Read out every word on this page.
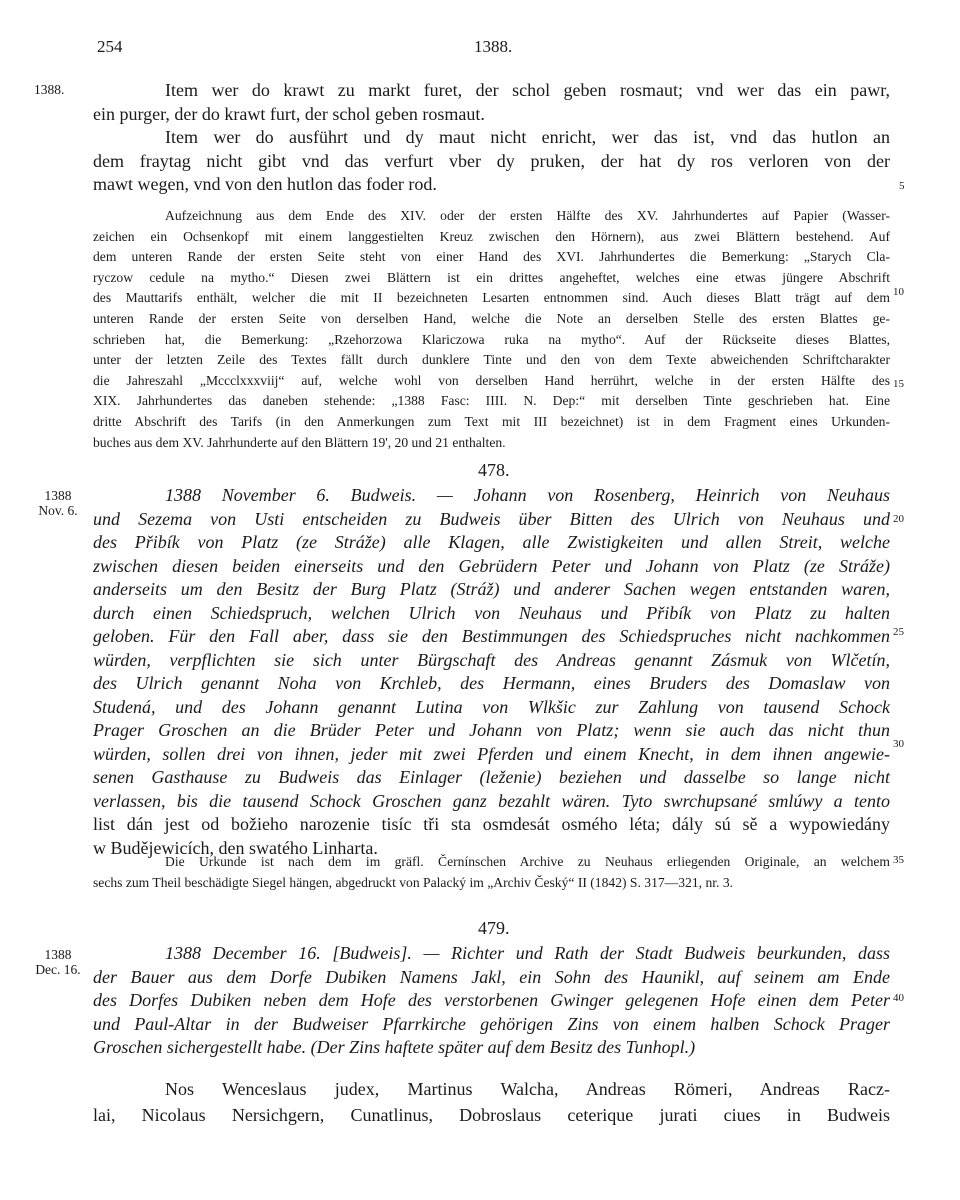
254	1388.
1388.
1388
Nov. 6.
1388
Dec. 16.
5
10
15
20
25
30
35
40
Item wer do krawt zu markt furet, der schol geben rosmaut; vnd wer das ein pawr,
ein purger, der do krawt furt, der schol geben rosmaut.
Item wer do ausführt und dy maut nicht enricht, wer das ist, vnd das hutlon an
dem fraytag nicht gibt vnd das verfurt vber dy pruken, der hat dy ros verloren von der
mawt wegen, vnd von den hutlon das foder rod.
Aufzeichnung aus dem Ende des XIV. oder der ersten Hälfte des XV. Jahrhundertes auf Papier (Wasser-
zeichen ein Ochsenkopf mit einem langgestielten Kreuz zwischen den Hörnern), aus zwei Blättern bestehend. Auf
dem unteren Rande der ersten Seite steht von einer Hand des XVI. Jahrhundertes die Bemerkung: „Starych Cla-
ryczow cedule na mytho.“ Diesen zwei Blättern ist ein drittes angeheftet, welches eine etwas jüngere Abschrift
des Mauttarifs enthält, welcher die mit II bezeichneten Lesarten entnommen sind. Auch dieses Blatt trägt auf dem
unteren Rande der ersten Seite von derselben Hand, welche die Note an derselben Stelle des ersten Blattes ge-
schrieben hat, die Bemerkung: „Rzehorzowa Klariczowa ruka na mytho“. Auf der Rückseite dieses Blattes,
unter der letzten Zeile des Textes fällt durch dunklere Tinte und den von dem Texte abweichenden Schriftcharakter
die Jahreszahl „Mccclxxxviij“ auf, welche wohl von derselben Hand herrührt, welche in der ersten Hälfte des
XIX. Jahrhundertes das daneben stehende: „1388 Fasc: IIII. N. Dep:“ mit derselben Tinte geschrieben hat. Eine
dritte Abschrift des Tarifs (in den Anmerkungen zum Text mit III bezeichnet) ist in dem Fragment eines Urkunden-
buches aus dem XV. Jahrhunderte auf den Blättern 19', 20 und 21 enthalten.
478.
1388 November 6. Budweis. — Johann von Rosenberg, Heinrich von Neuhaus
und Sezema von Usti entscheiden zu Budweis über Bitten des Ulrich von Neuhaus und
des Přibík von Platz (ze Stráže) alle Klagen, alle Zwistigkeiten und allen Streit, welche
zwischen diesen beiden einerseits und den Gebrüdern Peter und Johann von Platz (ze Stráže)
anderseits um den Besitz der Burg Platz (Stráž) und anderer Sachen wegen entstanden waren,
durch einen Schiedspruch, welchen Ulrich von Neuhaus und Přibík von Platz zu halten
geloben. Für den Fall aber, dass sie den Bestimmungen des Schiedspruches nicht nachkommen
würden, verpflichten sie sich unter Bürgschaft des Andreas genannt Zásmuk von Wlčetín,
des Ulrich genannt Noha von Krchleb, des Hermann, eines Bruders des Domaslaw von
Studená, und des Johann genannt Lutina von Wlkšic zur Zahlung von tausend Schock
Prager Groschen an die Brüder Peter und Johann von Platz; wenn sie auch das nicht thun
würden, sollen drei von ihnen, jeder mit zwei Pferden und einem Knecht, in dem ihnen angewie-
senen Gasthause zu Budweis das Einlager (leženie) beziehen und dasselbe so lange nicht
verlassen, bis die tausend Schock Groschen ganz bezahlt wären. Tyto swrchupsané smlúwy a tento
list dán jest od božieho narozenie tisíc tři sta osmdesát osmého léta; dály sú sě a wypowiedány
w Budějewicích, den swatého Linharta.
Die Urkunde ist nach dem im gräfl. Černínschen Archive zu Neuhaus erliegenden Originale, an welchem
sechs zum Theil beschädigte Siegel hängen, abgedruckt von Palacký im „Archiv Český“ II (1842) S. 317—321, nr. 3.
479.
1388 December 16. [Budweis]. — Richter und Rath der Stadt Budweis beurkunden, dass
der Bauer aus dem Dorfe Dubiken Namens Jakl, ein Sohn des Haunikl, auf seinem am Ende
des Dorfes Dubiken neben dem Hofe des verstorbenen Gwinger gelegenen Hofe einen dem Peter
und Paul-Altar in der Budweiser Pfarrkirche gehörigen Zins von einem halben Schock Prager
Groschen sichergestellt habe. (Der Zins haftete später auf dem Besitz des Tunhopl.)
Nos Wenceslaus judex, Martinus Walcha, Andreas Römeri, Andreas Racz-
lai, Nicolaus Nersichgern, Cunatlinus, Dobroslaus ceterique jurati ciues in Budweis
